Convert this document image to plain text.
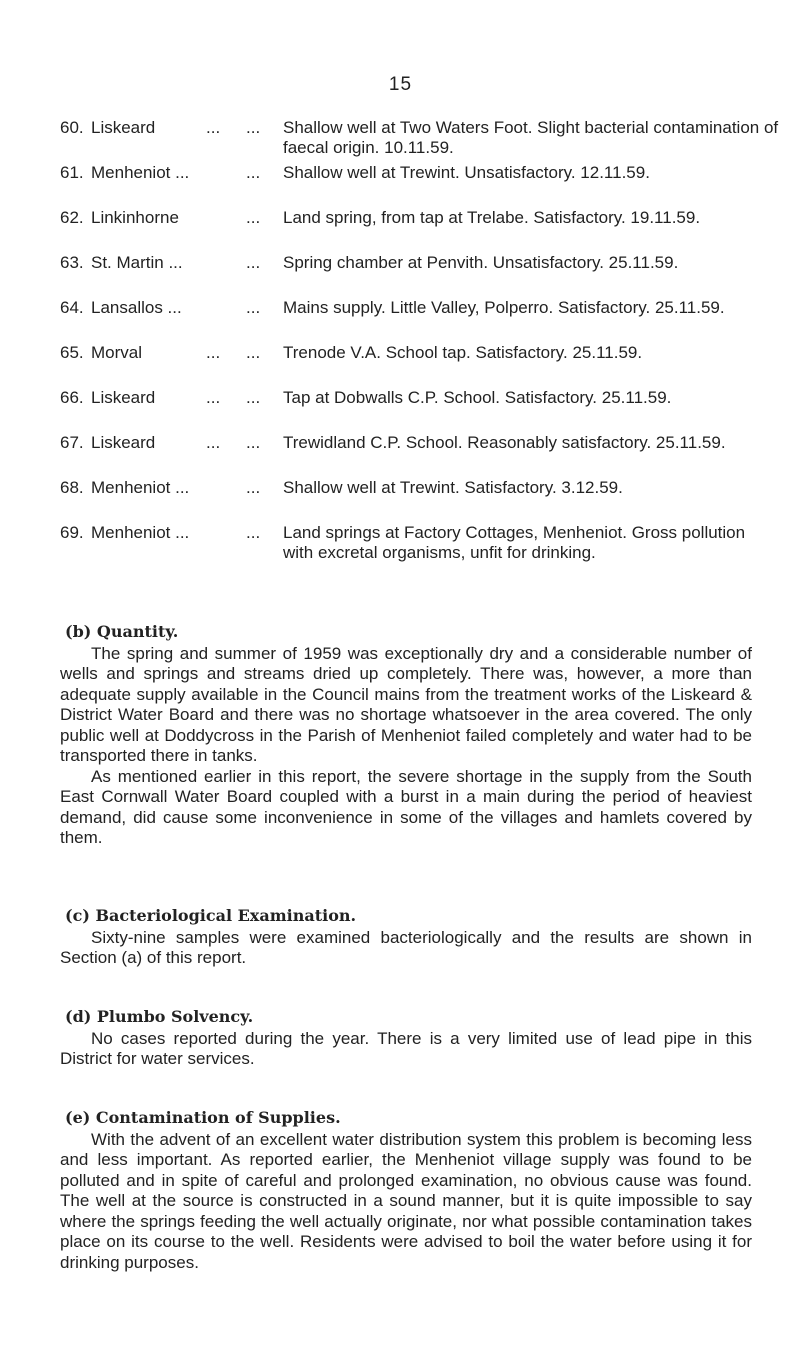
15
60. Liskeard	... ... Shallow well at Two Waters Foot. Slight bacterial contamination of faecal origin. 10.11.59.
61. Menheniot ...	... Shallow well at Trewint. Unsatisfactory. 12.11.59.
62. Linkinhorne	... Land spring, from tap at Trelabe. Satisfactory. 19.11.59.
63. St. Martin ...	... Spring chamber at Penvith. Unsatisfactory. 25.11.59.
64. Lansallos ...	... Mains supply. Little Valley, Polperro. Satisfactory. 25.11.59.
65. Morval	... ... Trenode V.A. School tap. Satisfactory. 25.11.59.
66. Liskeard	... ... Tap at Dobwalls C.P. School. Satisfactory. 25.11.59.
67. Liskeard	... ... Trewidland C.P. School. Reasonably satisfactory. 25.11.59.
68. Menheniot ...	... Shallow well at Trewint. Satisfactory. 3.12.59.
69. Menheniot ...	... Land springs at Factory Cottages, Menheniot. Gross pollution with excretal organisms, unfit for drinking.
(b) Quantity.

The spring and summer of 1959 was exceptionally dry and a considerable number of wells and springs and streams dried up completely. There was, however, a more than adequate supply available in the Council mains from the treatment works of the Liskeard & District Water Board and there was no shortage whatsoever in the area covered. The only public well at Doddycross in the Parish of Menheniot failed completely and water had to be transported there in tanks.

As mentioned earlier in this report, the severe shortage in the supply from the South East Cornwall Water Board coupled with a burst in a main during the period of heaviest demand, did cause some inconvenience in some of the villages and hamlets covered by them.

(c) Bacteriological Examination.

Sixty-nine samples were examined bacteriologically and the results are shown in Section (a) of this report.

(d) Plumbo Solvency.

No cases reported during the year. There is a very limited use of lead pipe in this District for water services.

(e) Contamination of Supplies.

With the advent of an excellent water distribution system this problem is becoming less and less important. As reported earlier, the Menheniot village supply was found to be polluted and in spite of careful and prolonged examination, no obvious cause was found. The well at the source is constructed in a sound manner, but it is quite impossible to say where the springs feeding the well actually originate, nor what possible contamination takes place on its course to the well. Residents were advised to boil the water before using it for drinking purposes.
